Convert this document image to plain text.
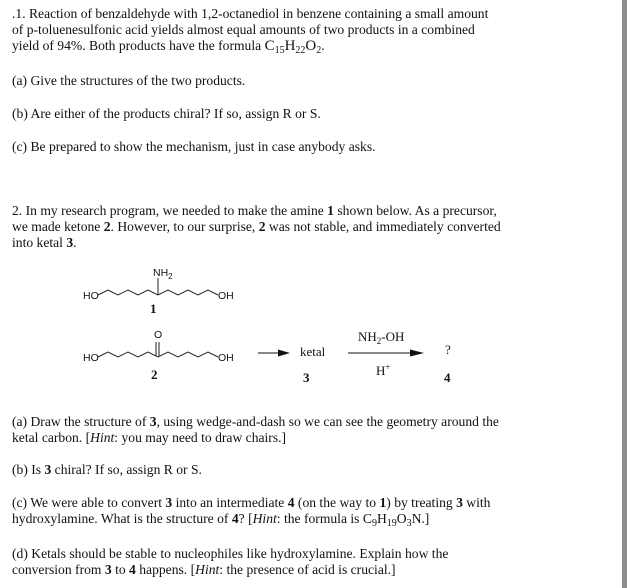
.1. Reaction of benzaldehyde with 1,2-octanediol in benzene containing a small amount
of p-toluenesulfonic acid yields almost equal amounts of two products in a combined
yield of 94%. Both products have the formula $C_{15}H_{22}O_2$.
(a) Give the structures of the two products.
(b) Are either of the products chiral? If so, assign R or S.
(c) Be prepared to show the mechanism, just in case anybody asks.
2. In my research program, we needed to make the amine 1 shown below. As a precursor,
we made ketone 2. However, to our surprise, 2 was not stable, and immediately converted
into ketal 3.
$NH_2$
HO	OH
1
O
HO	OH
2
→ ketal
3
$NH_2-OH$
H+
?
4
(a) Draw the structure of 3, using wedge-and-dash so we can see the geometry around the
ketal carbon. [Hint: you may need to draw chairs.]
(b) Is 3 chiral? If so, assign R or S.
(c) We were able to convert 3 into an intermediate 4 (on the way to 1) by treating 3 with
hydroxylamine. What is the structure of 4? [Hint: the formula is $C_9H_{19}O_3N$.]
(d) Ketals should be stable to nucleophiles like hydroxylamine. Explain how the
conversion from 3 to 4 happens. [Hint: the presence of acid is crucial.]
